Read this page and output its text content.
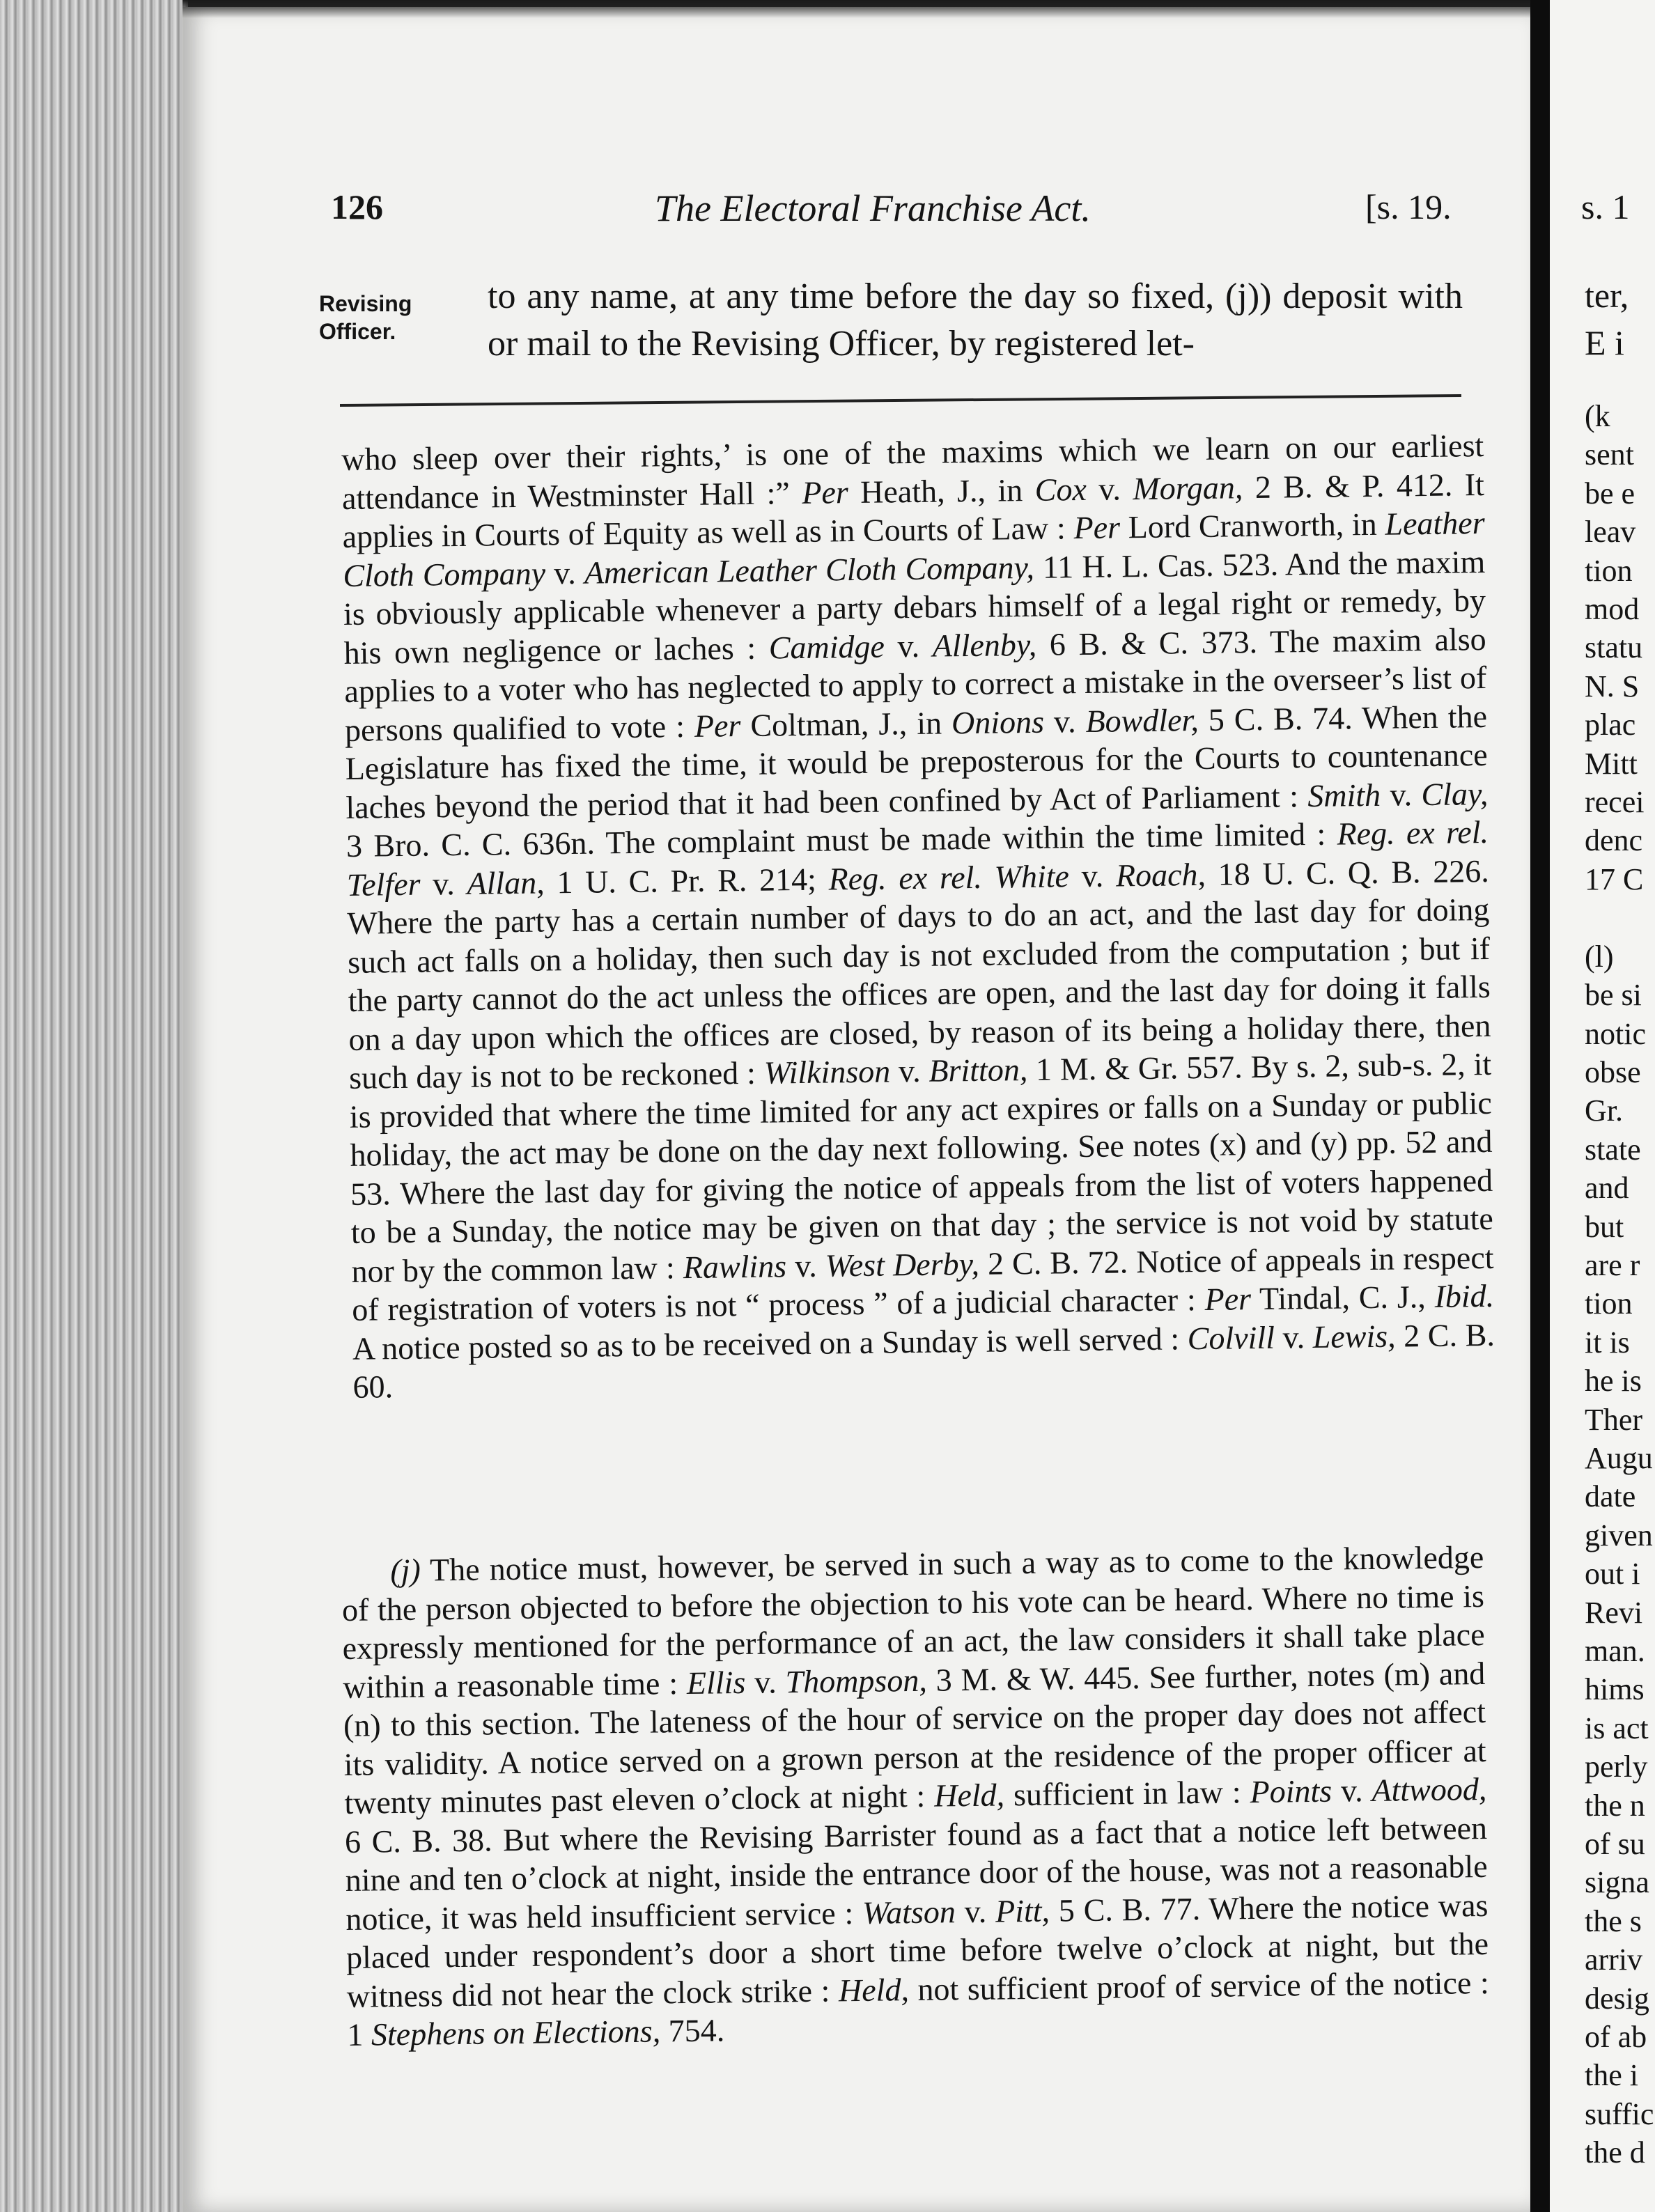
126	The Electoral Franchise Act.	[s. 19.
Revising
Officer.
to any name, at any time before the day so fixed, (j)) deposit with or mail to the Revising Officer, by registered let-

who sleep over their rights,’ is one of the maxims which we learn on our earliest attendance in Westminster Hall :” Per Heath, J., in Cox v. Morgan, 2 B. & P. 412. It applies in Courts of Equity as well as in Courts of Law : Per Lord Cranworth, in Leather Cloth Company v. American Leather Cloth Company, 11 H. L. Cas. 523. And the maxim is obviously applicable whenever a party debars himself of a legal right or remedy, by his own negligence or laches : Camidge v. Allenby, 6 B. & C. 373. The maxim also applies to a voter who has neglected to apply to correct a mistake in the overseer’s list of persons qualified to vote : Per Coltman, J., in Onions v. Bowdler, 5 C. B. 74. When the Legislature has fixed the time, it would be preposterous for the Courts to countenance laches beyond the period that it had been confined by Act of Parliament : Smith v. Clay, 3 Bro. C. C. 636n. The complaint must be made within the time limited : Reg. ex rel. Telfer v. Allan, 1 U. C. Pr. R. 214; Reg. ex rel. White v. Roach, 18 U. C. Q. B. 226. Where the party has a certain number of days to do an act, and the last day for doing such act falls on a holiday, then such day is not excluded from the computation ; but if the party cannot do the act unless the offices are open, and the last day for doing it falls on a day upon which the offices are closed, by reason of its being a holiday there, then such day is not to be reckoned : Wilkinson v. Britton, 1 M. & Gr. 557. By s. 2, sub-s. 2, it is provided that where the time limited for any act expires or falls on a Sunday or public holiday, the act may be done on the day next following. See notes (x) and (y) pp. 52 and 53. Where the last day for giving the notice of appeals from the list of voters happened to be a Sunday, the notice may be given on that day ; the service is not void by statute nor by the common law : Rawlins v. West Derby, 2 C. B. 72. Notice of appeals in respect of registration of voters is not “ process ” of a judicial character : Per Tindal, C. J., Ibid. A notice posted so as to be received on a Sunday is well served : Colvill v. Lewis, 2 C. B. 60.

(j) The notice must, however, be served in such a way as to come to the knowledge of the person objected to before the objection to his vote can be heard. Where no time is expressly mentioned for the performance of an act, the law considers it shall take place within a reasonable time : Ellis v. Thompson, 3 M. & W. 445. See further, notes (m) and (n) to this section. The lateness of the hour of service on the proper day does not affect its validity. A notice served on a grown person at the residence of the proper officer at twenty minutes past eleven o’clock at night : Held, sufficient in law : Points v. Attwood, 6 C. B. 38. But where the Revising Barrister found as a fact that a notice left between nine and ten o’clock at night, inside the entrance door of the house, was not a reasonable notice, it was held insufficient service : Watson v. Pitt, 5 C. B. 77. Where the notice was placed under respondent’s door a short time before twelve o’clock at night, but the witness did not hear the clock strike : Held, not sufficient proof of service of the notice : 1 Stephens on Elections, 754.

s. 1
ter,
E i
(k
sent
be e
leav
tion
mod
statu
N. S
plac
Mitt
recei
denc
17 C

(l)
be si
notic
obse
Gr.
state
and
but
are r
tion
it is
he is
Ther
Augu
date
given
out i
Revi
man.
hims
is act
perly
the n
of su
signa
the s
arriv
desig
of ab
the i
suffic
the d
